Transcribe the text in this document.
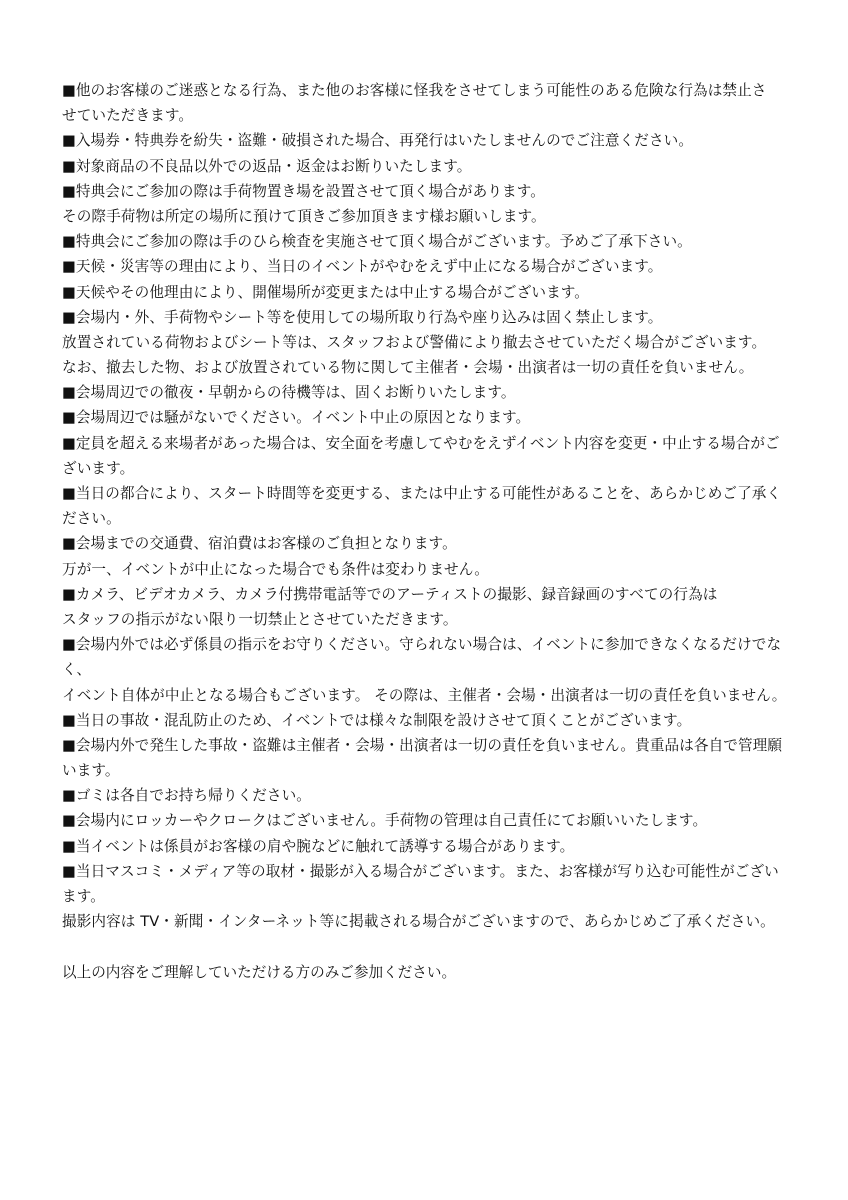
■他のお客様のご迷惑となる行為、また他のお客様に怪我をさせてしまう可能性のある危険な行為は禁止さ
せていただきます。
■入場券・特典券を紛失・盗難・破損された場合、再発行はいたしませんのでご注意ください。
■対象商品の不良品以外での返品・返金はお断りいたします。
■特典会にご参加の際は手荷物置き場を設置させて頂く場合があります。
その際手荷物は所定の場所に預けて頂きご参加頂きます様お願いします。
■特典会にご参加の際は手のひら検査を実施させて頂く場合がございます。予めご了承下さい。
■天候・災害等の理由により、当日のイベントがやむをえず中止になる場合がございます。
■天候やその他理由により、開催場所が変更または中止する場合がございます。
■会場内・外、手荷物やシート等を使用しての場所取り行為や座り込みは固く禁止します。
放置されている荷物およびシート等は、スタッフおよび警備により撤去させていただく場合がございます。
なお、撤去した物、および放置されている物に関して主催者・会場・出演者は一切の責任を負いません。
■会場周辺での徹夜・早朝からの待機等は、固くお断りいたします。
■会場周辺では騒がないでください。イベント中止の原因となります。
■定員を超える来場者があった場合は、安全面を考慮してやむをえずイベント内容を変更・中止する場合がご
ざいます。
■当日の都合により、スタート時間等を変更する、または中止する可能性があることを、あらかじめご了承く
ださい。
■会場までの交通費、宿泊費はお客様のご負担となります。
万が一、イベントが中止になった場合でも条件は変わりません。
■カメラ、ビデオカメラ、カメラ付携帯電話等でのアーティストの撮影、録音録画のすべての行為は
スタッフの指示がない限り一切禁止とさせていただきます。
■会場内外では必ず係員の指示をお守りください。守られない場合は、イベントに参加できなくなるだけでな
く、
イベント自体が中止となる場合もございます。 その際は、主催者・会場・出演者は一切の責任を負いません。
■当日の事故・混乱防止のため、イベントでは様々な制限を設けさせて頂くことがございます。
■会場内外で発生した事故・盗難は主催者・会場・出演者は一切の責任を負いません。貴重品は各自で管理願
います。
■ゴミは各自でお持ち帰りください。
■会場内にロッカーやクロークはございません。手荷物の管理は自己責任にてお願いいたします。
■当イベントは係員がお客様の肩や腕などに触れて誘導する場合があります。
■当日マスコミ・メディア等の取材・撮影が入る場合がございます。また、お客様が写り込む可能性がござい
ます。
撮影内容は TV・新聞・インターネット等に掲載される場合がございますので、あらかじめご了承ください。
以上の内容をご理解していただける方のみご参加ください。
